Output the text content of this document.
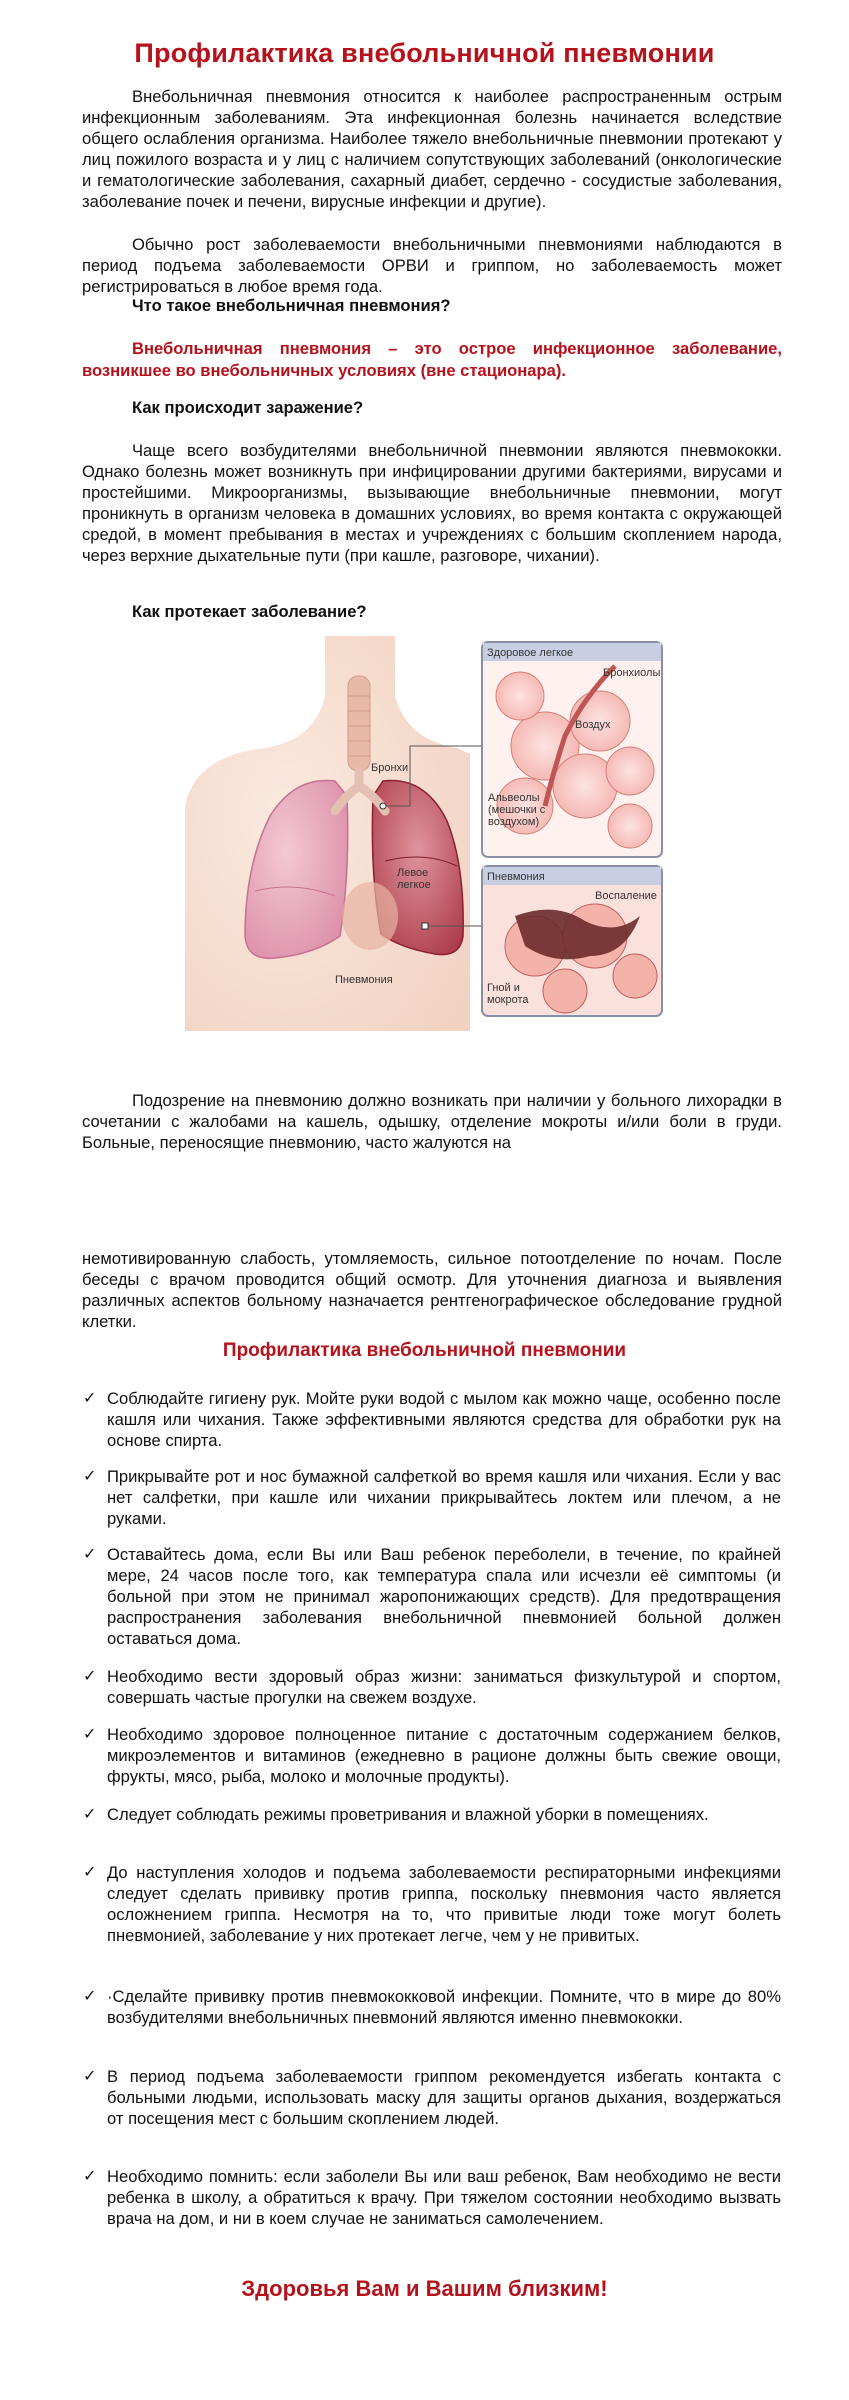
Профилактика внебольничной пневмонии

Внебольничная пневмония относится к наиболее распространенным острым инфекционным заболеваниям. Эта инфекционная болезнь начинается вследствие общего ослабления организма. Наиболее тяжело внебольничные пневмонии протекают у лиц пожилого возраста и у лиц с наличием сопутствующих заболеваний (онкологические и гематологические заболевания, сахарный диабет, сердечно - сосудистые заболевания, заболевание почек и печени, вирусные инфекции и другие).

Обычно рост заболеваемости внебольничными пневмониями наблюдаются в период подъема заболеваемости ОРВИ и гриппом, но заболеваемость может регистрироваться в любое время года.

Что такое внебольничная пневмония?

Внебольничная пневмония – это острое инфекционное заболевание, возникшее во внебольничных условиях (вне стационара).

Как происходит заражение?

Чаще всего возбудителями внебольничной пневмонии являются пневмококки. Однако болезнь может возникнуть при инфицировании другими бактериями, вирусами и простейшими. Микроорганизмы, вызывающие внебольничные пневмонии, могут проникнуть в организм человека в домашних условиях, во время контакта с окружающей средой, в момент пребывания в местах и учреждениях с большим скоплением народа, через верхние дыхательные пути (при кашле, разговоре, чихании).

Как протекает заболевание?

Здоровое легкое
Бронхиолы
Воздух
Альвеолы
(мешочки с
воздухом)
Пневмония
Воспаление
Гной и
мокрота
Бронхи
Левое
легкое
Пневмония

Подозрение на пневмонию должно возникать при наличии у больного лихорадки в сочетании с жалобами на кашель, одышку, отделение мокроты и/или боли в груди. Больные, переносящие пневмонию, часто жалуются на

немотивированную слабость, утомляемость, сильное потоотделение по ночам. После беседы с врачом проводится общий осмотр. Для уточнения диагноза и выявления различных аспектов больному назначается рентгенографическое обследование грудной клетки.

Профилактика внебольничной пневмонии
✓ Соблюдайте гигиену рук. Мойте руки водой с мылом как можно чаще, особенно после кашля или чихания. Также эффективными являются средства для обработки рук на основе спирта.

✓ Прикрывайте рот и нос бумажной салфеткой во время кашля или чихания. Если у вас нет салфетки, при кашле или чихании прикрывайтесь локтем или плечом, а не руками.

✓ Оставайтесь дома, если Вы или Ваш ребенок переболели, в течение, по крайней мере, 24 часов после того, как температура спала или исчезли её симптомы (и больной при этом не принимал жаропонижающих средств). Для предотвращения распространения заболевания внебольничной пневмонией больной должен оставаться дома.

✓ Необходимо вести здоровый образ жизни: заниматься физкультурой и спортом, совершать частые прогулки на свежем воздухе.

✓ Необходимо здоровое полноценное питание с достаточным содержанием белков, микроэлементов и витаминов (ежедневно в рационе должны быть свежие овощи, фрукты, мясо, рыба, молоко и молочные продукты).

✓ Следует соблюдать режимы проветривания и влажной уборки в помещениях.

✓ До наступления холодов и подъема заболеваемости респираторными инфекциями следует сделать прививку против гриппа, поскольку пневмония часто является осложнением гриппа. Несмотря на то, что привитые люди тоже могут болеть пневмонией, заболевание у них протекает легче, чем у не привитых.

✓ ·Сделайте прививку против пневмококковой инфекции. Помните, что в мире до 80% возбудителями внебольничных пневмоний являются именно пневмококки.

✓ В период подъема заболеваемости гриппом рекомендуется избегать контакта с больными людьми, использовать маску для защиты органов дыхания, воздержаться от посещения мест с большим скоплением людей.

✓ Необходимо помнить: если заболели Вы или ваш ребенок, Вам необходимо не вести ребенка в школу, а обратиться к врачу. При тяжелом состоянии необходимо вызвать врача на дом, и ни в коем случае не заниматься самолечением.

Здоровья Вам и Вашим близким!
